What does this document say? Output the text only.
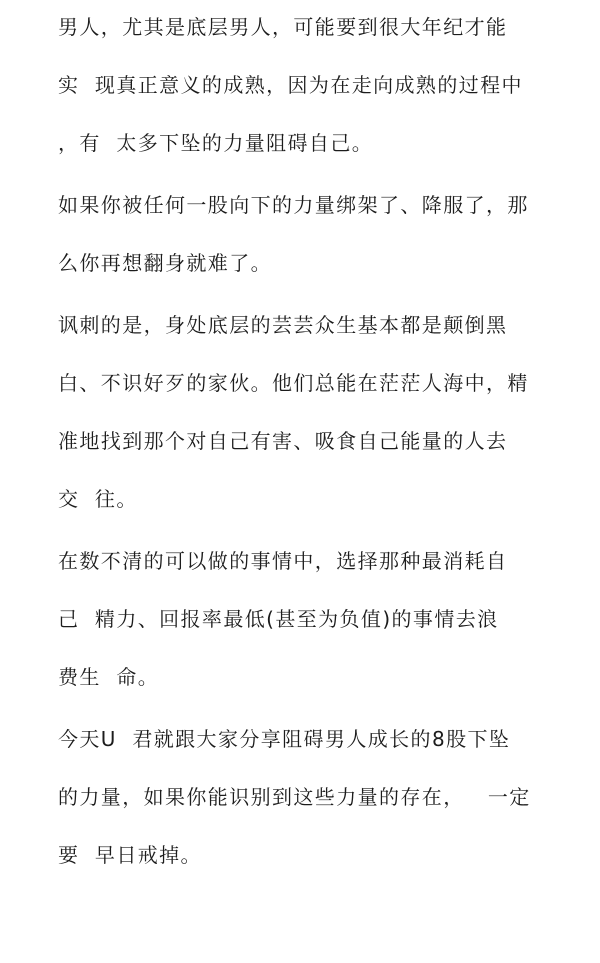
男人，尤其是底层男人，可能要到很大年纪才能
实  现真正意义的成熟，因为在走向成熟的过程中
，有  太多下坠的力量阻碍自己。
如果你被任何一股向下的力量绑架了、降服了，那
么你再想翻身就难了。
讽刺的是，身处底层的芸芸众生基本都是颠倒黑
白、不识好歹的家伙。他们总能在茫茫人海中，精
准地找到那个对自己有害、吸食自己能量的人去
交  往。
在数不清的可以做的事情中，选择那种最消耗自
己  精力、回报率最低(甚至为负值)的事情去浪
费生  命。
今天U  君就跟大家分享阻碍男人成长的8股下坠
的力量，如果你能识别到这些力量的存在，   一定
要  早日戒掉。
